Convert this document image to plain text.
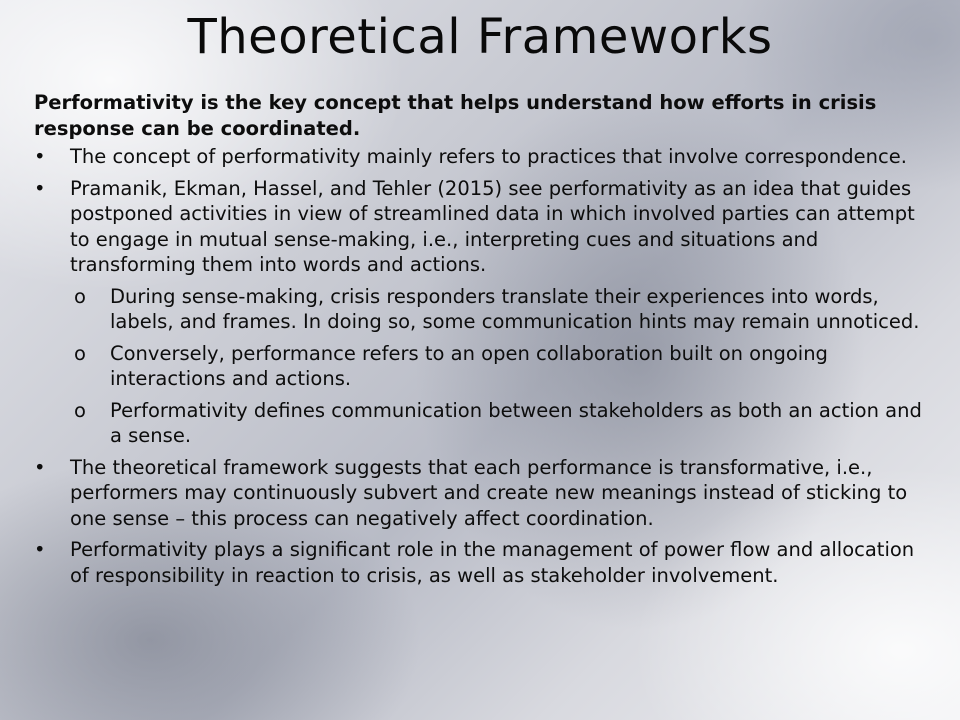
Theoretical Frameworks
Performativity is the key concept that helps understand how efforts in crisis response can be coordinated.
• The concept of performativity mainly refers to practices that involve correspondence.
• Pramanik, Ekman, Hassel, and Tehler (2015) see performativity as an idea that guides postponed activities in view of streamlined data in which involved parties can attempt to engage in mutual sense-making, i.e., interpreting cues and situations and transforming them into words and actions.
o During sense-making, crisis responders translate their experiences into words, labels, and frames. In doing so, some communication hints may remain unnoticed.
o Conversely, performance refers to an open collaboration built on ongoing interactions and actions.
o Performativity defines communication between stakeholders as both an action and a sense.
• The theoretical framework suggests that each performance is transformative, i.e., performers may continuously subvert and create new meanings instead of sticking to one sense – this process can negatively affect coordination.
• Performativity plays a significant role in the management of power flow and allocation of responsibility in reaction to crisis, as well as stakeholder involvement.
